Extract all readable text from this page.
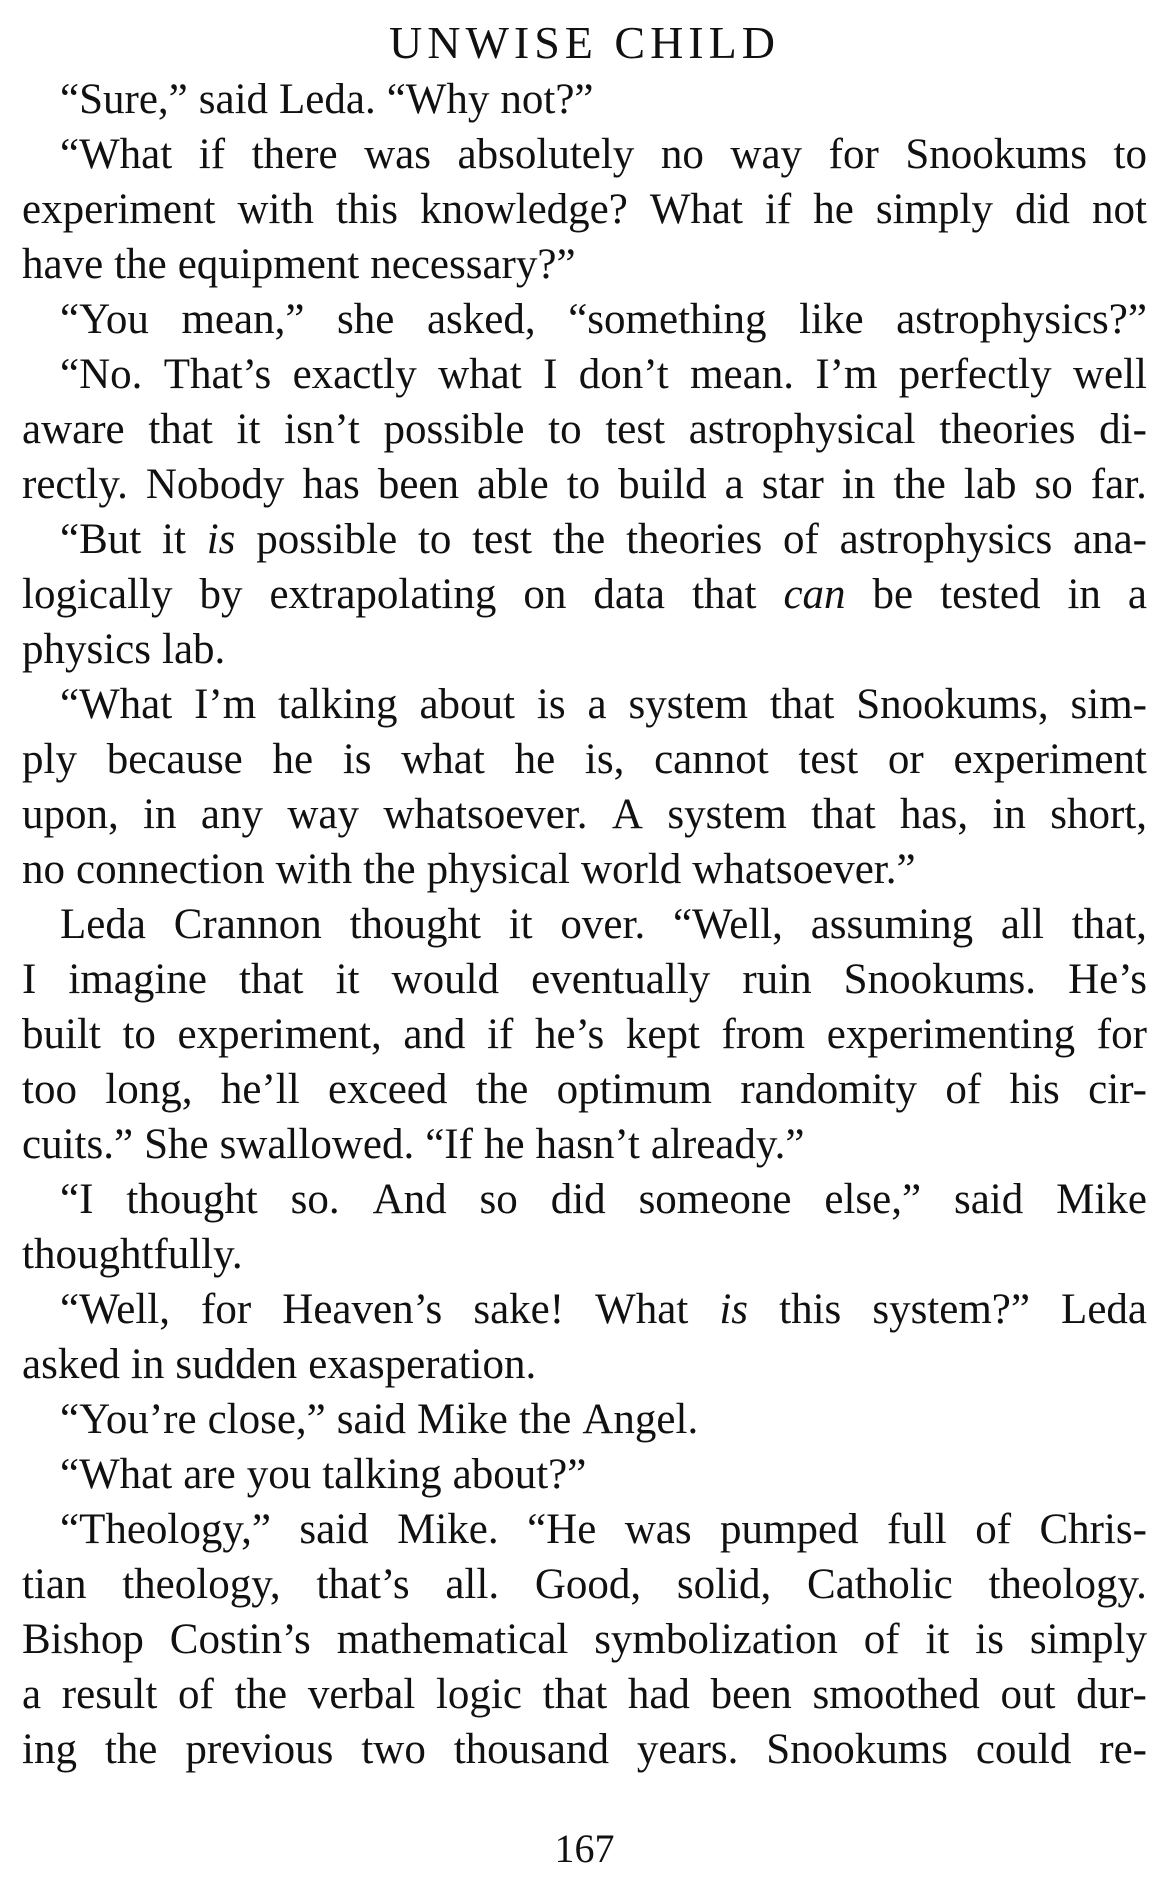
UNWISE CHILD
“Sure,” said Leda. “Why not?”
“What if there was absolutely no way for Snookums to
experiment with this knowledge? What if he simply did not
have the equipment necessary?”
“You mean,” she asked, “something like astrophysics?”
“No. That’s exactly what I don’t mean. I’m perfectly well
aware that it isn’t possible to test astrophysical theories di-
rectly. Nobody has been able to build a star in the lab so far.
“But it is possible to test the theories of astrophysics ana-
logically by extrapolating on data that can be tested in a
physics lab.
“What I’m talking about is a system that Snookums, sim-
ply because he is what he is, cannot test or experiment
upon, in any way whatsoever. A system that has, in short,
no connection with the physical world whatsoever.”
Leda Crannon thought it over. “Well, assuming all that,
I imagine that it would eventually ruin Snookums. He’s
built to experiment, and if he’s kept from experimenting for
too long, he’ll exceed the optimum randomity of his cir-
cuits.” She swallowed. “If he hasn’t already.”
“I thought so. And so did someone else,” said Mike
thoughtfully.
“Well, for Heaven’s sake! What is this system?” Leda
asked in sudden exasperation.
“You’re close,” said Mike the Angel.
“What are you talking about?”
“Theology,” said Mike. “He was pumped full of Chris-
tian theology, that’s all. Good, solid, Catholic theology.
Bishop Costin’s mathematical symbolization of it is simply
a result of the verbal logic that had been smoothed out dur-
ing the previous two thousand years. Snookums could re-
167
